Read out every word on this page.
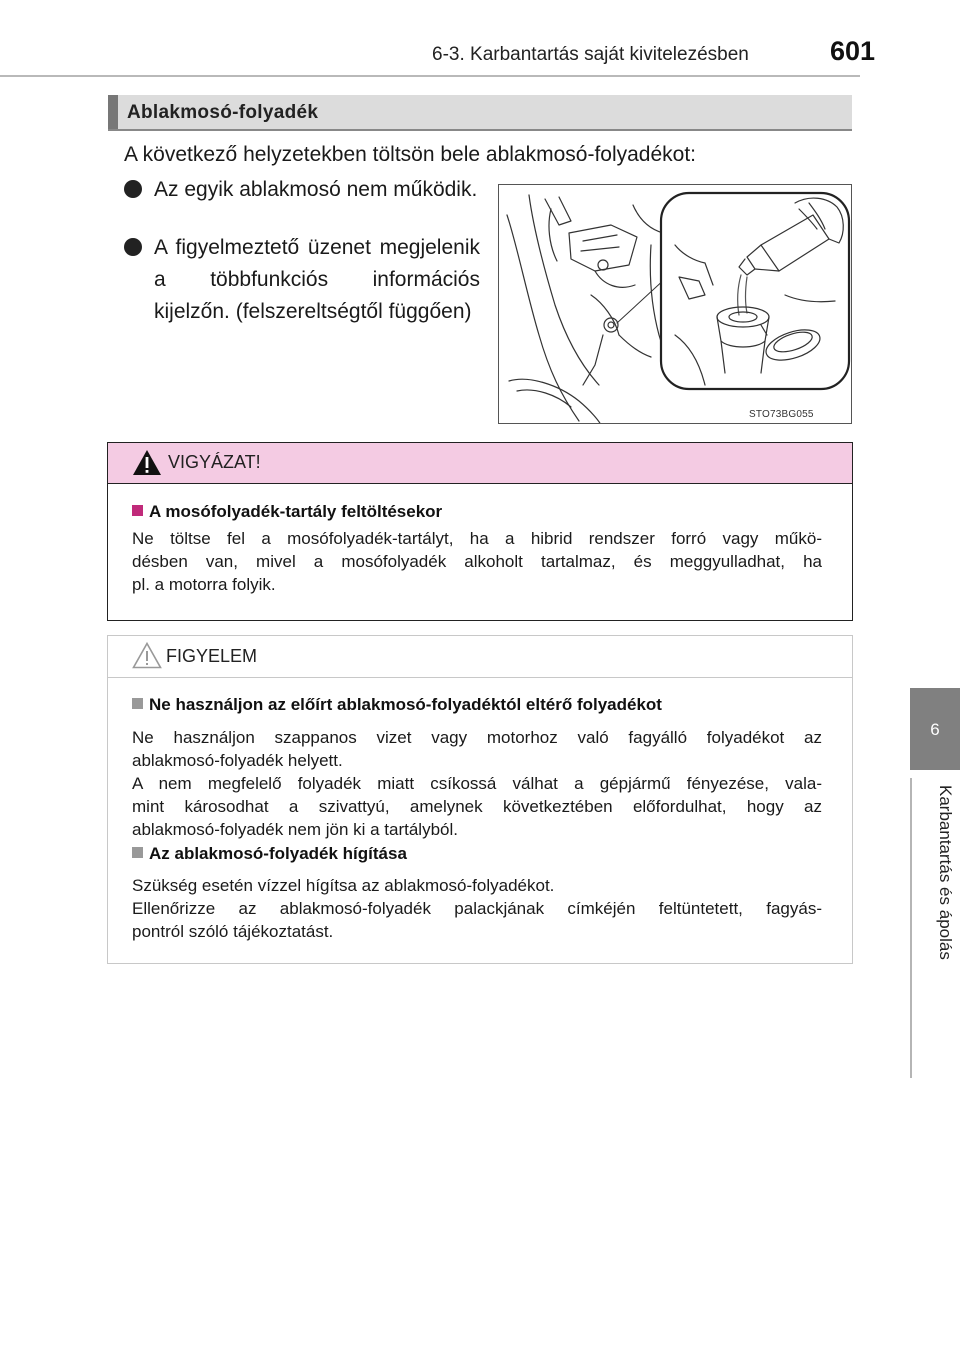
6-3. Karbantartás saját kivitelezésben	601
6
Karbantartás és ápolás
Ablakmosó-folyadék
A következő helyzetekben töltsön bele ablakmosó-folyadékot:
Az egyik ablakmosó nem működik.
A figyelmeztető üzenet megjelenik a többfunkciós információs kijelzőn. (felszereltségtől függően)
STO73BG055
VIGYÁZAT!
A mosófolyadék-tartály feltöltésekor
Ne töltse fel a mosófolyadék-tartályt, ha a hibrid rendszer forró vagy műkö-
désben van, mivel a mosófolyadék alkoholt tartalmaz, és meggyulladhat, ha
pl. a motorra folyik.
FIGYELEM
Ne használjon az előírt ablakmosó-folyadéktól eltérő folyadékot
Ne használjon szappanos vizet vagy motorhoz való fagyálló folyadékot az
ablakmosó-folyadék helyett.
A nem megfelelő folyadék miatt csíkossá válhat a gépjármű fényezése, vala-
mint károsodhat a szivattyú, amelynek következtében előfordulhat, hogy az
ablakmosó-folyadék nem jön ki a tartályból.
Az ablakmosó-folyadék hígítása
Szükség esetén vízzel hígítsa az ablakmosó-folyadékot.
Ellenőrizze az ablakmosó-folyadék palackjának címkéjén feltüntetett, fagyás-
pontról szóló tájékoztatást.
